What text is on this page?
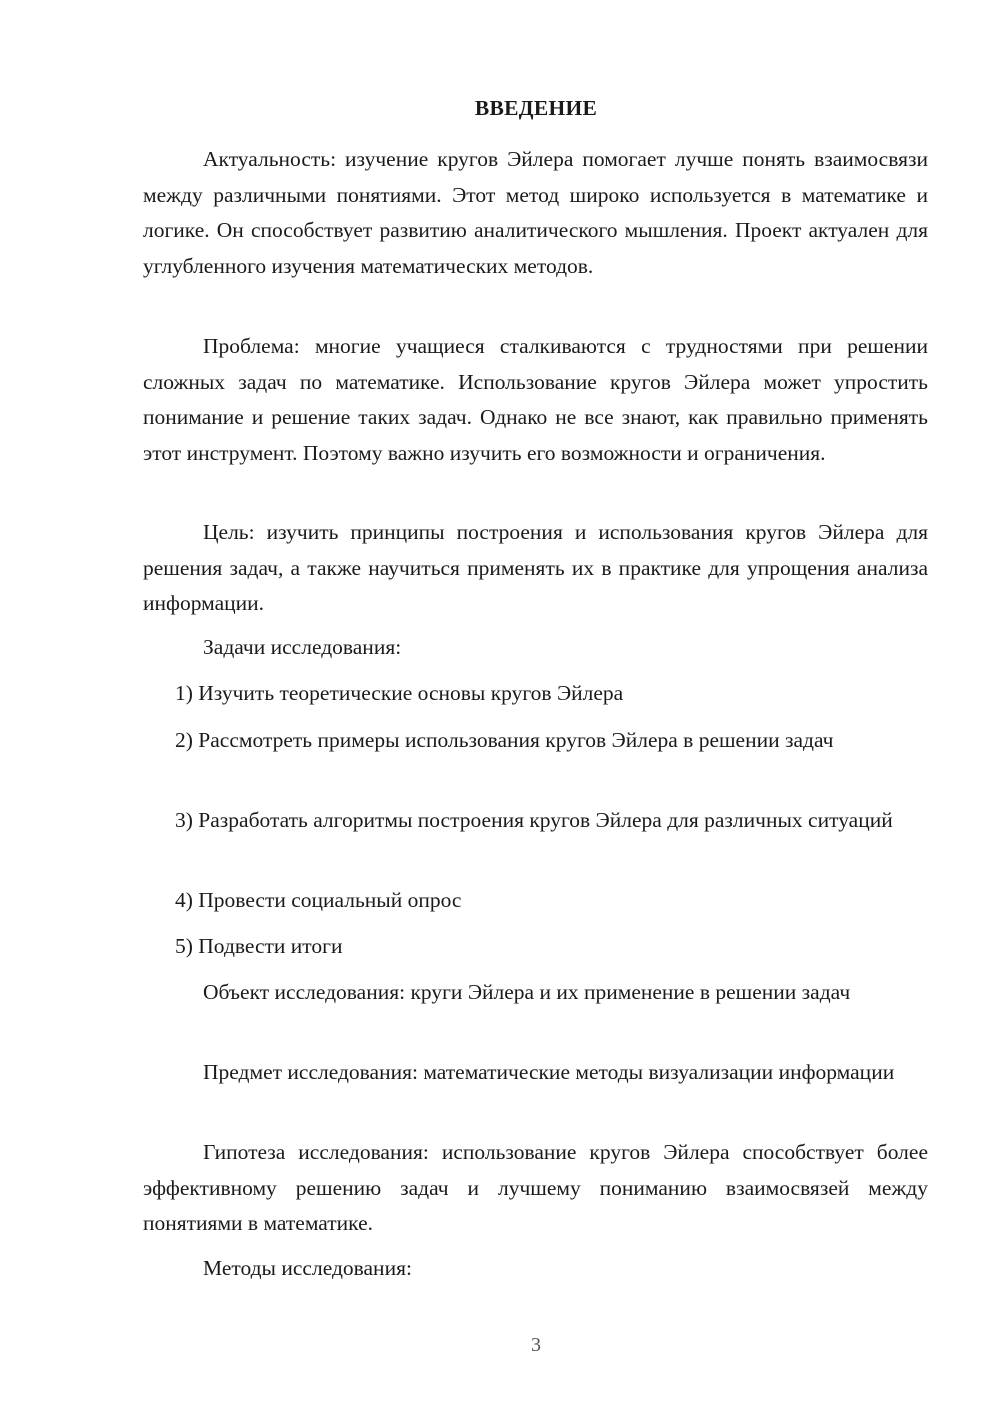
ВВЕДЕНИЕ

Актуальность: изучение кругов Эйлера помогает лучше понять взаимосвязи между различными понятиями. Этот метод широко используется в математике и логике. Он способствует развитию аналитического мышления. Проект актуален для углубленного изучения математических методов.

Проблема: многие учащиеся сталкиваются с трудностями при решении сложных задач по математике. Использование кругов Эйлера может упростить понимание и решение таких задач. Однако не все знают, как правильно применять этот инструмент. Поэтому важно изучить его возможности и ограничения.

Цель: изучить принципы построения и использования кругов Эйлера для решения задач, а также научиться применять их в практике для упрощения анализа информации.

Задачи исследования:

1) Изучить теоретические основы кругов Эйлера

2) Рассмотреть примеры использования кругов Эйлера в решении задач

3) Разработать алгоритмы построения кругов Эйлера для различных ситуаций

4) Провести социальный опрос

5) Подвести итоги

Объект исследования: круги Эйлера и их применение в решении задач

Предмет исследования: математические методы визуализации информации

Гипотеза исследования: использование кругов Эйлера способствует более эффективному решению задач и лучшему пониманию взаимосвязей между понятиями в математике.

Методы исследования:

3
